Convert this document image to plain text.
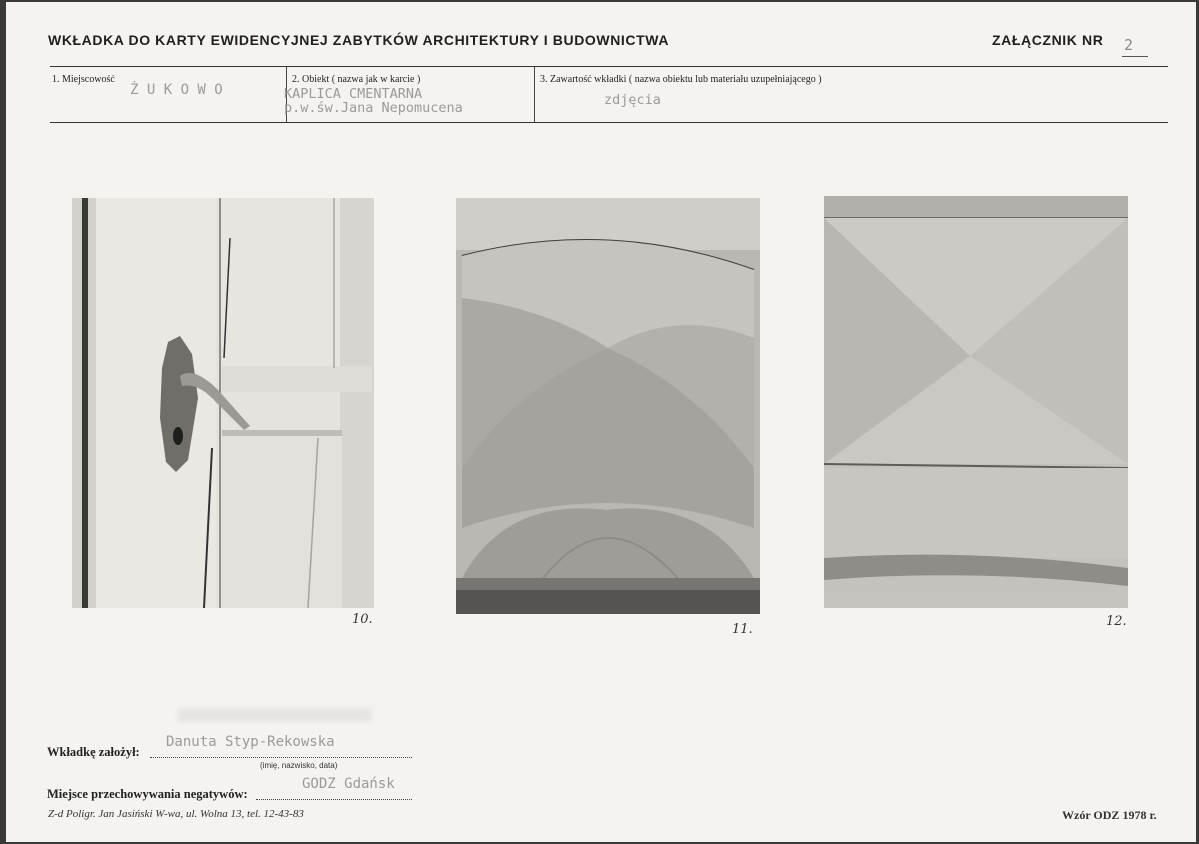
WKŁADKA DO KARTY EWIDENCYJNEJ ZABYTKÓW ARCHITEKTURY I BUDOWNICTWA	ZAŁĄCZNIK NR 2
1. Miejscowość
Ż U K O W O
2. Obiekt ( nazwa jak w karcie )
KAPLICA CMENTARNA
p.w.św.Jana Nepomucena
3. Zawartość wkładki ( nazwa obiektu lub materiału uzupełniającego )
zdjęcia
10.
11.
12.
Wkładkę założył:
Danuta Styp-Rekowska
(imię, nazwisko, data)
Miejsce przechowywania negatywów:
GODZ Gdańsk
Z-d Poligr. Jan Jasiński W-wa, ul. Wolna 13, tel. 12-43-83	Wzór ODZ 1978 r.
